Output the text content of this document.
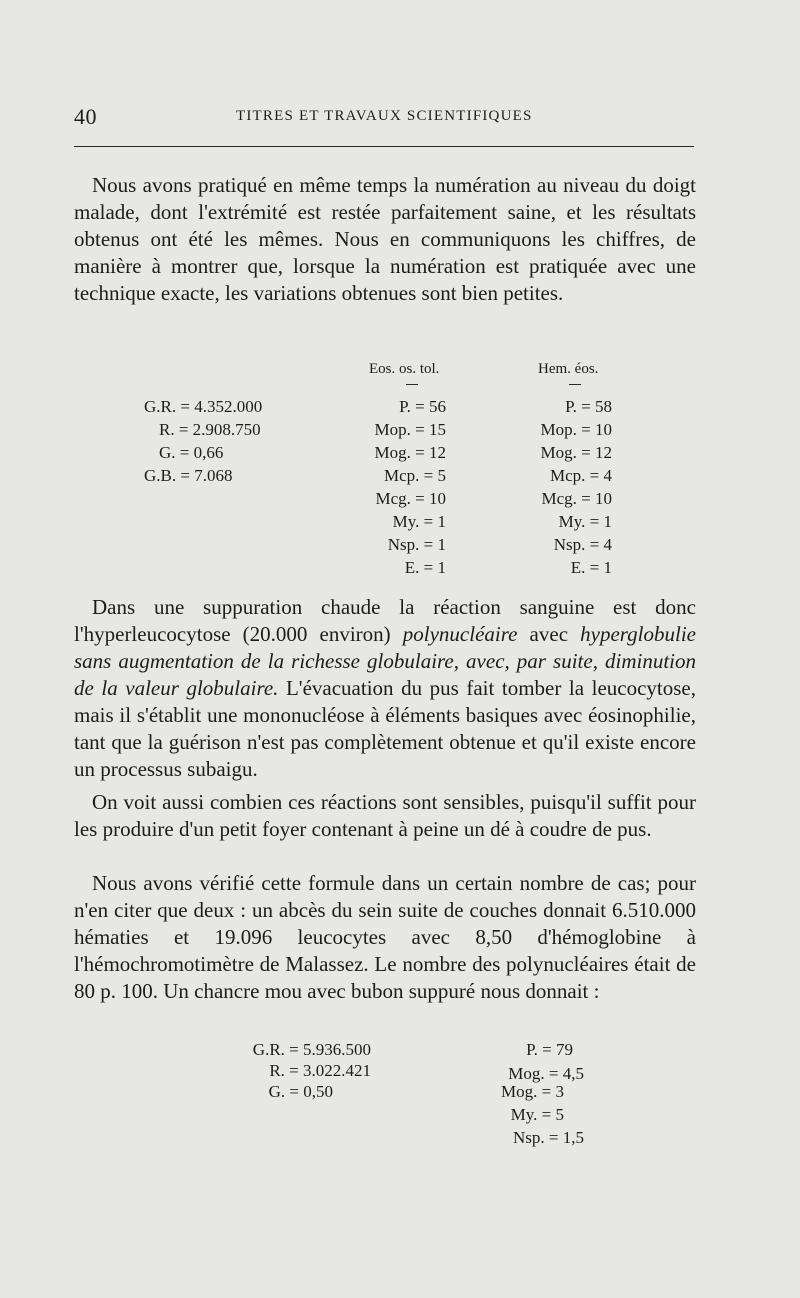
40	TITRES ET TRAVAUX SCIENTIFIQUES

Nous avons pratiqué en même temps la numération au niveau du doigt malade, dont l'extrémité est restée parfaitement saine, et les résultats obtenus ont été les mêmes. Nous en communiquons les chiffres, de manière à montrer que, lorsque la numération est pratiquée avec une technique exacte, les variations obtenues sont bien petites.

Eos. os. tol.	Hem. éos.
G.R. = 4.352.000
R. = 2.908.750
G. = 0,66
G.B. = 7.068
P. = 56
Mop. = 15
Mog. = 12
Mcp. = 5
Mcg. = 10
My. = 1
Nsp. = 1
E. = 1
P. = 58
Mop. = 10
Mog. = 12
Mcp. = 4
Mcg. = 10
My. = 1
Nsp. = 4
E. = 1

Dans une suppuration chaude la réaction sanguine est donc l'hyperleucocytose (20.000 environ) polynucléaire avec hyperglobulie sans augmentation de la richesse globulaire, avec, par suite, diminution de la valeur globulaire. L'évacuation du pus fait tomber la leucocytose, mais il s'établit une mononucléose à éléments basiques avec éosinophilie, tant que la guérison n'est pas complètement obtenue et qu'il existe encore un processus subaigu.

On voit aussi combien ces réactions sont sensibles, puisqu'il suffit pour les produire d'un petit foyer contenant à peine un dé à coudre de pus.

Nous avons vérifié cette formule dans un certain nombre de cas; pour n'en citer que deux : un abcès du sein suite de couches donnait 6.510.000 hématies et 19.096 leucocytes avec 8,50 d'hémoglobine à l'hémochromotimètre de Malassez. Le nombre des polynucléaires était de 80 p. 100. Un chancre mou avec bubon suppuré nous donnait :

G.R. = 5.936.500
R. = 3.022.421
G. = 0,50
P. = 79
Mog. = 4,5
Mog. = 3
My. = 5
Nsp. = 1,5
